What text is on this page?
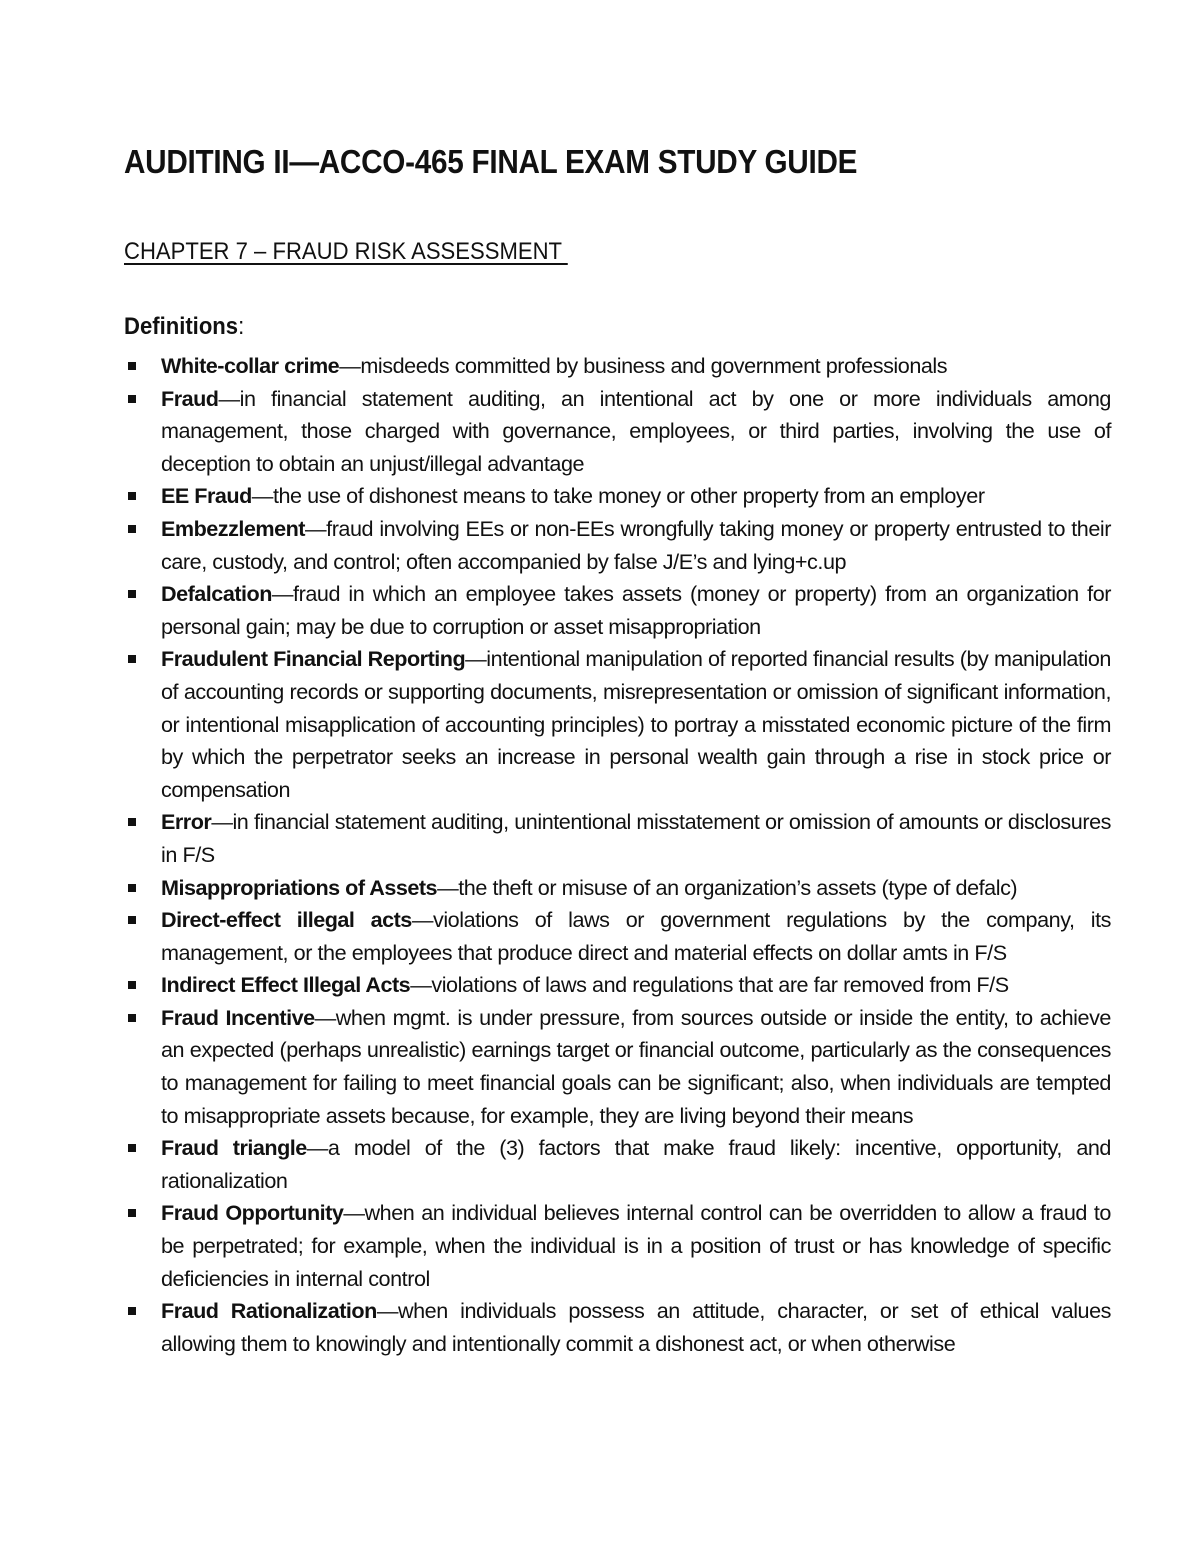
AUDITING II—ACCO-465 FINAL EXAM STUDY GUIDE
CHAPTER 7 – FRAUD RISK ASSESSMENT
Definitions:
White-collar crime—misdeeds committed by business and government professionals
Fraud—in financial statement auditing, an intentional act by one or more individuals among management, those charged with governance, employees, or third parties, involving the use of deception to obtain an unjust/illegal advantage
EE Fraud—the use of dishonest means to take money or other property from an employer
Embezzlement—fraud involving EEs or non-EEs wrongfully taking money or property entrusted to their care, custody, and control; often accompanied by false J/E’s and lying+c.up
Defalcation—fraud in which an employee takes assets (money or property) from an organization for personal gain; may be due to corruption or asset misappropriation
Fraudulent Financial Reporting—intentional manipulation of reported financial results (by manipulation of accounting records or supporting documents, misrepresentation or omission of significant information, or intentional misapplication of accounting principles) to portray a misstated economic picture of the firm by which the perpetrator seeks an increase in personal wealth gain through a rise in stock price or compensation
Error—in financial statement auditing, unintentional misstatement or omission of amounts or disclosures in F/S
Misappropriations of Assets—the theft or misuse of an organization’s assets (type of defalc)
Direct-effect illegal acts—violations of laws or government regulations by the company, its management, or the employees that produce direct and material effects on dollar amts in F/S
Indirect Effect Illegal Acts—violations of laws and regulations that are far removed from F/S
Fraud Incentive—when mgmt. is under pressure, from sources outside or inside the entity, to achieve an expected (perhaps unrealistic) earnings target or financial outcome, particularly as the consequences to management for failing to meet financial goals can be significant; also, when individuals are tempted to misappropriate assets because, for example, they are living beyond their means
Fraud triangle—a model of the (3) factors that make fraud likely: incentive, opportunity, and rationalization
Fraud Opportunity—when an individual believes internal control can be overridden to allow a fraud to be perpetrated; for example, when the individual is in a position of trust or has knowledge of specific deficiencies in internal control
Fraud Rationalization—when individuals possess an attitude, character, or set of ethical values allowing them to knowingly and intentionally commit a dishonest act, or when otherwise
